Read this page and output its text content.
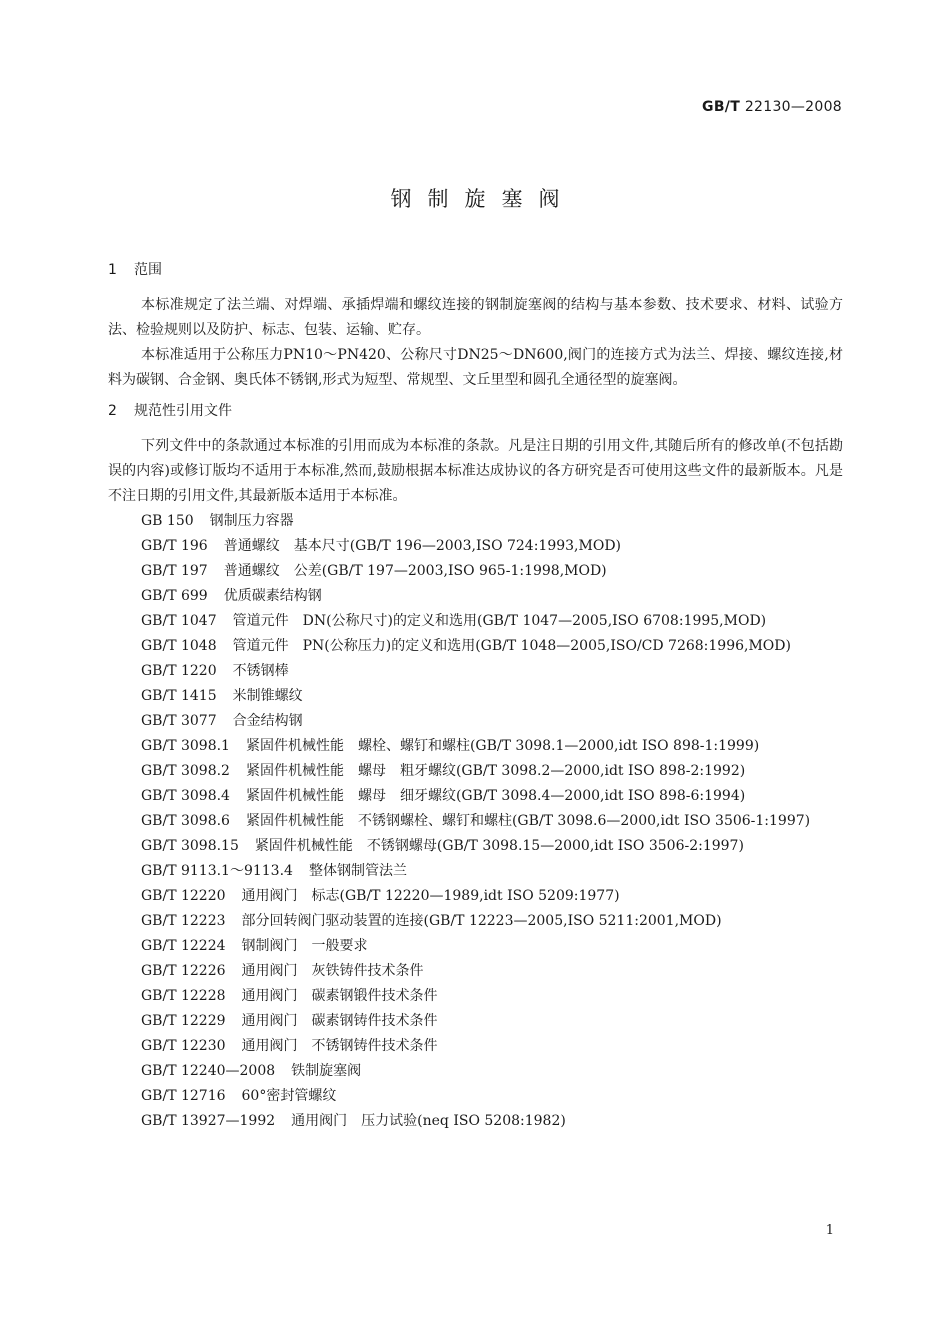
GB/T 22130—2008
钢制旋塞阀
1 范围

本标准规定了法兰端、对焊端、承插焊端和螺纹连接的钢制旋塞阀的结构与基本参数、技术要求、材料、试验方法、检验规则以及防护、标志、包装、运输、贮存。

本标准适用于公称压力PN10～PN420、公称尺寸DN25～DN600,阀门的连接方式为法兰、焊接、螺纹连接,材料为碳钢、合金钢、奥氏体不锈钢,形式为短型、常规型、文丘里型和圆孔全通径型的旋塞阀。

2 规范性引用文件

下列文件中的条款通过本标准的引用而成为本标准的条款。凡是注日期的引用文件,其随后所有的修改单(不包括勘误的内容)或修订版均不适用于本标准,然而,鼓励根据本标准达成协议的各方研究是否可使用这些文件的最新版本。凡是不注日期的引用文件,其最新版本适用于本标准。

GB 150 钢制压力容器

GB/T 196 普通螺纹　基本尺寸(GB/T 196—2003,ISO 724:1993,MOD)

GB/T 197 普通螺纹　公差(GB/T 197—2003,ISO 965-1:1998,MOD)

GB/T 699 优质碳素结构钢

GB/T 1047 管道元件　DN(公称尺寸)的定义和选用(GB/T 1047—2005,ISO 6708:1995,MOD)

GB/T 1048 管道元件　PN(公称压力)的定义和选用(GB/T 1048—2005,ISO/CD 7268:1996,MOD)

GB/T 1220 不锈钢棒

GB/T 1415 米制锥螺纹

GB/T 3077 合金结构钢

GB/T 3098.1 紧固件机械性能　螺栓、螺钉和螺柱(GB/T 3098.1—2000,idt ISO 898-1:1999)

GB/T 3098.2 紧固件机械性能　螺母　粗牙螺纹(GB/T 3098.2—2000,idt ISO 898-2:1992)

GB/T 3098.4 紧固件机械性能　螺母　细牙螺纹(GB/T 3098.4—2000,idt ISO 898-6:1994)

GB/T 3098.6 紧固件机械性能　不锈钢螺栓、螺钉和螺柱(GB/T 3098.6—2000,idt ISO 3506-1:1997)

GB/T 3098.15 紧固件机械性能　不锈钢螺母(GB/T 3098.15—2000,idt ISO 3506-2:1997)

GB/T 9113.1～9113.4 整体钢制管法兰

GB/T 12220 通用阀门　标志(GB/T 12220—1989,idt ISO 5209:1977)

GB/T 12223 部分回转阀门驱动装置的连接(GB/T 12223—2005,ISO 5211:2001,MOD)

GB/T 12224 钢制阀门　一般要求

GB/T 12226 通用阀门　灰铁铸件技术条件

GB/T 12228 通用阀门　碳素钢锻件技术条件

GB/T 12229 通用阀门　碳素钢铸件技术条件

GB/T 12230 通用阀门　不锈钢铸件技术条件

GB/T 12240—2008 铁制旋塞阀

GB/T 12716 60°密封管螺纹

GB/T 13927—1992 通用阀门　压力试验(neq ISO 5208:1982)

1
